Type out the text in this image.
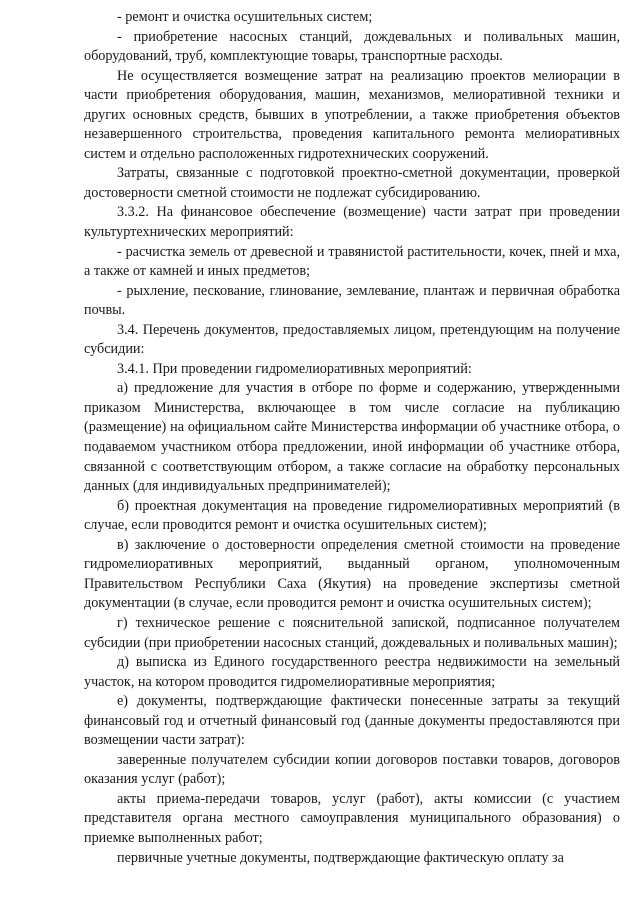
- ремонт и очистка осушительных систем;

- приобретение насосных станций, дождевальных и поливальных машин, оборудований, труб, комплектующие товары, транспортные расходы.

Не осуществляется возмещение затрат на реализацию проектов мелиорации в части приобретения оборудования, машин, механизмов, мелиоративной техники и других основных средств, бывших в употреблении, а также приобретения объектов незавершенного строительства, проведения капитального ремонта мелиоративных систем и отдельно расположенных гидротехнических сооружений.

Затраты, связанные с подготовкой проектно-сметной документации, проверкой достоверности сметной стоимости не подлежат субсидированию.

3.3.2. На финансовое обеспечение (возмещение) части затрат при проведении культуртехнических мероприятий:

- расчистка земель от древесной и травянистой растительности, кочек, пней и мха, а также от камней и иных предметов;

- рыхление, пескование, глинование, землевание, плантаж и первичная обработка почвы.

3.4. Перечень документов, предоставляемых лицом, претендующим на получение субсидии:

3.4.1. При проведении гидромелиоративных мероприятий:

а) предложение для участия в отборе по форме и содержанию, утвержденными приказом Министерства, включающее в том числе согласие на публикацию (размещение) на официальном сайте Министерства информации об участнике отбора, о подаваемом участником отбора предложении, иной информации об участнике отбора, связанной с соответствующим отбором, а также согласие на обработку персональных данных (для индивидуальных предпринимателей);

б) проектная документация на проведение гидромелиоративных мероприятий (в случае, если проводится ремонт и очистка осушительных систем);

в) заключение о достоверности определения сметной стоимости на проведение гидромелиоративных мероприятий, выданный органом, уполномоченным Правительством Республики Саха (Якутия) на проведение экспертизы сметной документации (в случае, если проводится ремонт и очистка осушительных систем);

г) техническое решение с пояснительной запиской, подписанное получателем субсидии (при приобретении насосных станций, дождевальных и поливальных машин);

д) выписка из Единого государственного реестра недвижимости на земельный участок, на котором проводится гидромелиоративные мероприятия;

е) документы, подтверждающие фактически понесенные затраты за текущий финансовый год и отчетный финансовый год (данные документы предоставляются при возмещении части затрат):

заверенные получателем субсидии копии договоров поставки товаров, договоров оказания услуг (работ);

акты приема-передачи товаров, услуг (работ), акты комиссии (с участием представителя органа местного самоуправления муниципального образования) о приемке выполненных работ;

первичные учетные документы, подтверждающие фактическую оплату за
